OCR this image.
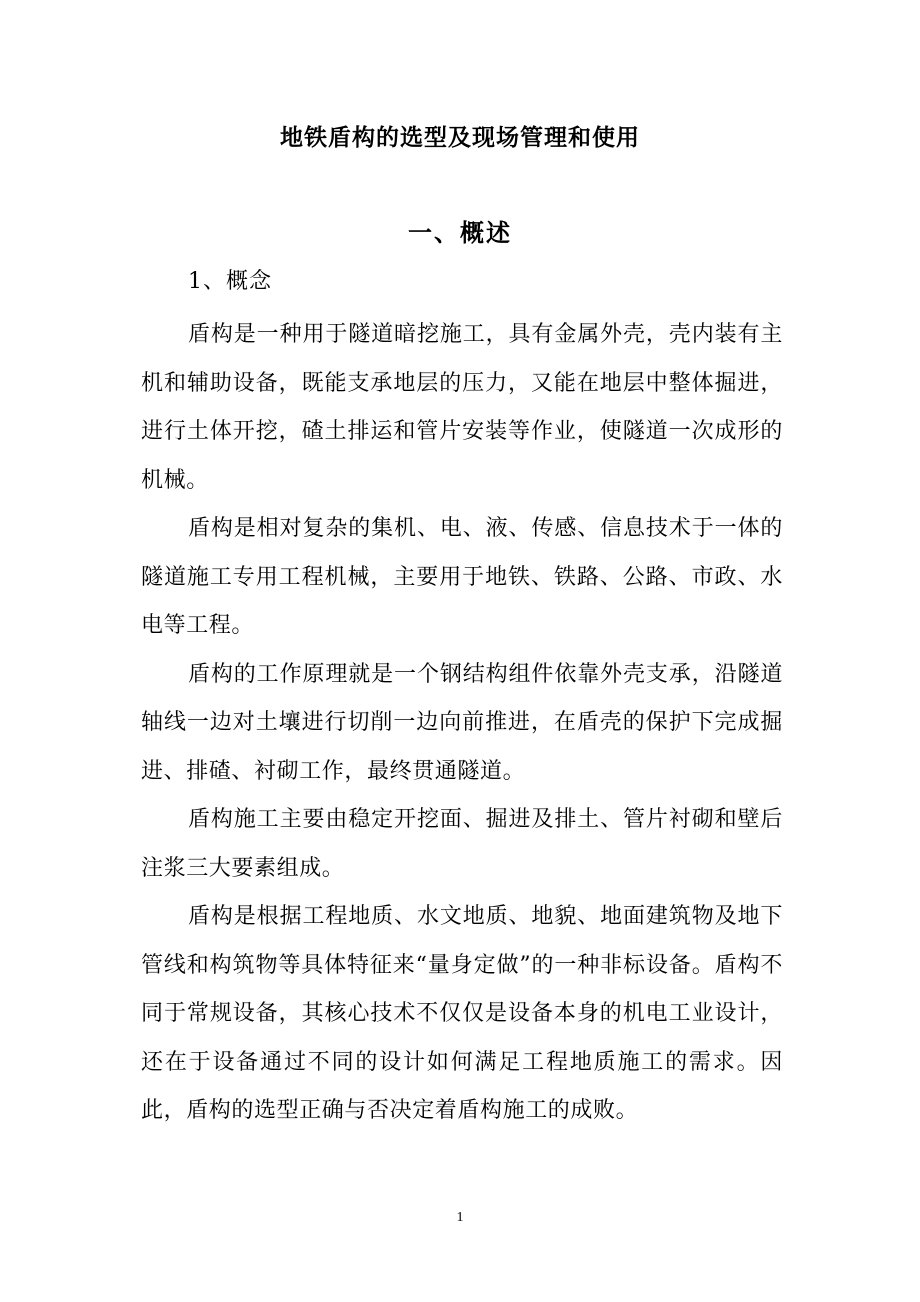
地铁盾构的选型及现场管理和使用
一、概述
1、概念

盾构是一种用于隧道暗挖施工，具有金属外壳，壳内装有主机和辅助设备，既能支承地层的压力，又能在地层中整体掘进，进行土体开挖，碴土排运和管片安装等作业，使隧道一次成形的机械。

盾构是相对复杂的集机、电、液、传感、信息技术于一体的隧道施工专用工程机械，主要用于地铁、铁路、公路、市政、水电等工程。

盾构的工作原理就是一个钢结构组件依靠外壳支承，沿隧道轴线一边对土壤进行切削一边向前推进，在盾壳的保护下完成掘进、排碴、衬砌工作，最终贯通隧道。

盾构施工主要由稳定开挖面、掘进及排土、管片衬砌和壁后注浆三大要素组成。

盾构是根据工程地质、水文地质、地貌、地面建筑物及地下管线和构筑物等具体特征来“量身定做”的一种非标设备。盾构不同于常规设备，其核心技术不仅仅是设备本身的机电工业设计，还在于设备通过不同的设计如何满足工程地质施工的需求。因此，盾构的选型正确与否决定着盾构施工的成败。

1
